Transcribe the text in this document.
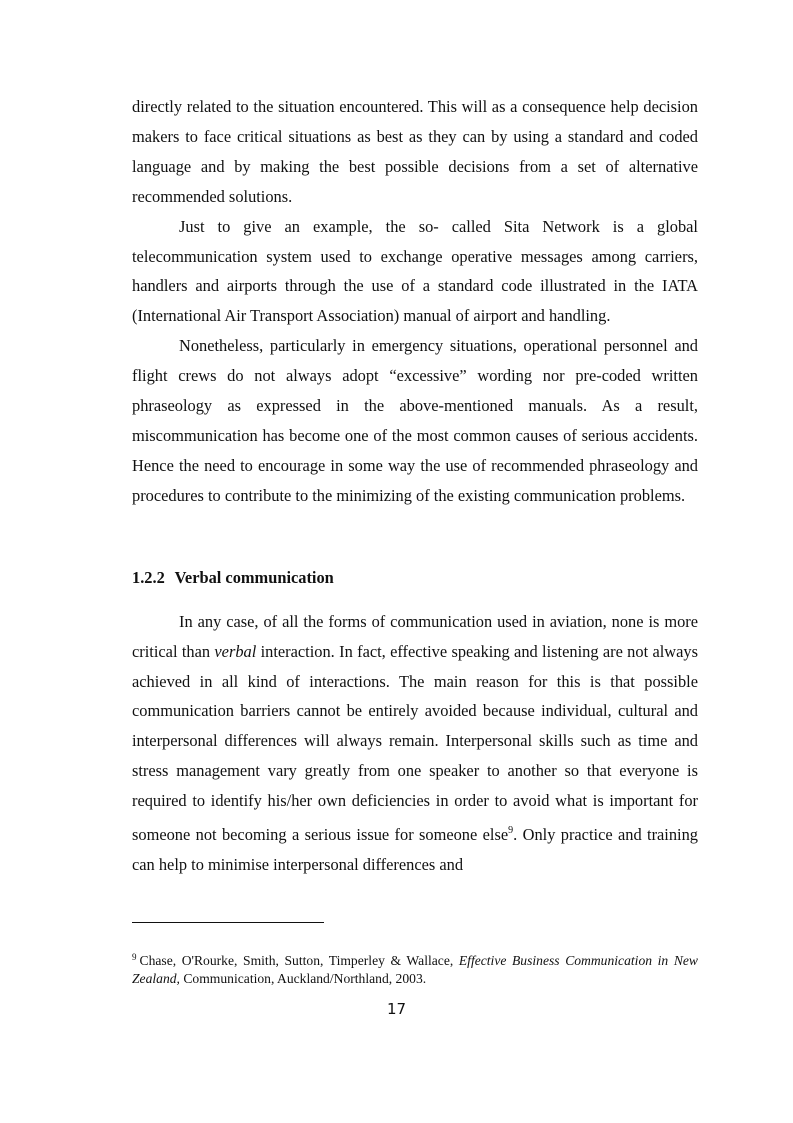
directly related to the situation encountered. This will as a consequence help decision makers to face critical situations as best as they can by using a standard and coded language and by making the best possible decisions from a set of alternative recommended solutions.

Just to give an example, the so- called Sita Network is a global telecommunication system used to exchange operative messages among carriers, handlers and airports through the use of a standard code illustrated in the IATA (International Air Transport Association) manual of airport and handling.

Nonetheless, particularly in emergency situations, operational personnel and flight crews do not always adopt “excessive” wording nor pre-coded written phraseology as expressed in the above-mentioned manuals. As a result, miscommunication has become one of the most common causes of serious accidents. Hence the need to encourage in some way the use of recommended phraseology and procedures to contribute to the minimizing of the existing communication problems.

1.2.2 Verbal communication

In any case, of all the forms of communication used in aviation, none is more critical than verbal interaction. In fact, effective speaking and listening are not always achieved in all kind of interactions. The main reason for this is that possible communication barriers cannot be entirely avoided because individual, cultural and interpersonal differences will always remain. Interpersonal skills such as time and stress management vary greatly from one speaker to another so that everyone is required to identify his/her own deficiencies in order to avoid what is important for someone not becoming a serious issue for someone else$^9$. Only practice and training can help to minimise interpersonal differences and

$^9$ Chase, O'Rourke, Smith, Sutton, Timperley & Wallace, Effective Business Communication in New Zealand, Communication, Auckland/Northland, 2003.

17
